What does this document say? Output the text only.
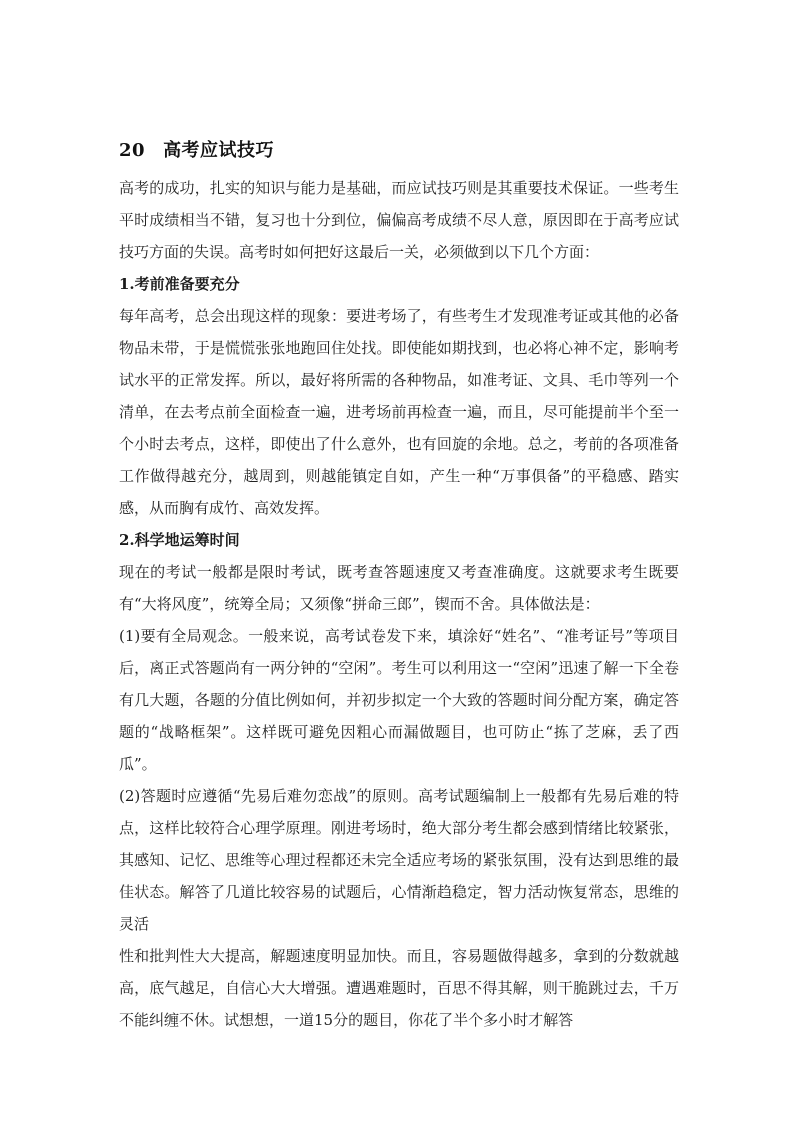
20 高考应试技巧

高考的成功，扎实的知识与能力是基础，而应试技巧则是其重要技术保证。一些考生平时成绩相当不错，复习也十分到位，偏偏高考成绩不尽人意，原因即在于高考应试技巧方面的失误。高考时如何把好这最后一关，必须做到以下几个方面：

1.考前准备要充分

每年高考，总会出现这样的现象：要进考场了，有些考生才发现准考证或其他的必备物品未带，于是慌慌张张地跑回住处找。即使能如期找到，也必将心神不定，影响考试水平的正常发挥。所以，最好将所需的各种物品，如准考证、文具、毛巾等列一个清单，在去考点前全面检查一遍，进考场前再检查一遍，而且，尽可能提前半个至一个小时去考点，这样，即使出了什么意外，也有回旋的余地。总之，考前的各项准备工作做得越充分，越周到，则越能镇定自如，产生一种“万事俱备”的平稳感、踏实感，从而胸有成竹、高效发挥。

2.科学地运筹时间

现在的考试一般都是限时考试，既考查答题速度又考查准确度。这就要求考生既要有“大将风度”，统筹全局；又须像“拼命三郎”，锲而不舍。具体做法是：

(1)要有全局观念。一般来说，高考试卷发下来，填涂好“姓名”、“准考证号”等项目后，离正式答题尚有一两分钟的“空闲”。考生可以利用这一“空闲”迅速了解一下全卷有几大题，各题的分值比例如何，并初步拟定一个大致的答题时间分配方案，确定答题的“战略框架”。这样既可避免因粗心而漏做题目，也可防止“拣了芝麻，丢了西瓜”。

(2)答题时应遵循“先易后难勿恋战”的原则。高考试题编制上一般都有先易后难的特点，这样比较符合心理学原理。刚进考场时，绝大部分考生都会感到情绪比较紧张，其感知、记忆、思维等心理过程都还未完全适应考场的紧张氛围，没有达到思维的最佳状态。解答了几道比较容易的试题后，心情渐趋稳定，智力活动恢复常态，思维的灵活

性和批判性大大提高，解题速度明显加快。而且，容易题做得越多，拿到的分数就越高，底气越足，自信心大大增强。遭遇难题时，百思不得其解，则干脆跳过去，千万不能纠缠不休。试想想，一道15分的题目，你花了半个多小时才解答
